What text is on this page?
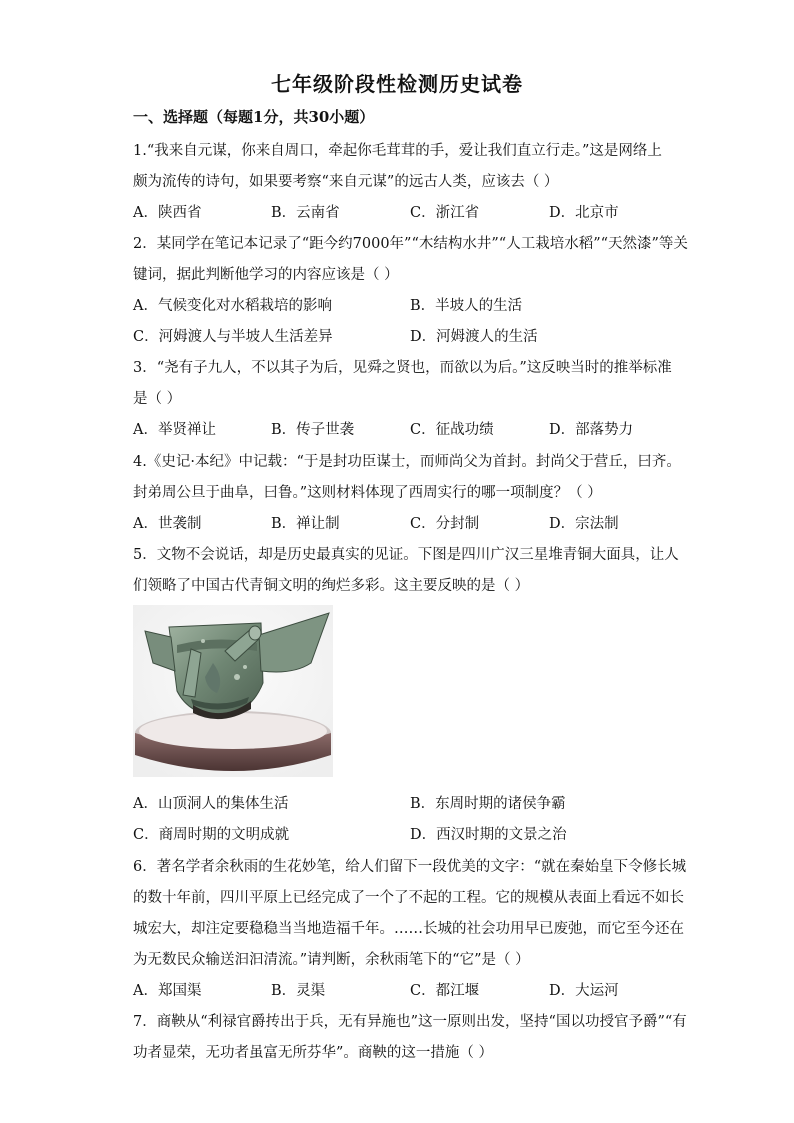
七年级阶段性检测历史试卷
一、选择题（每题1分，共30小题）
1.“我来自元谋，你来自周口，牵起你毛茸茸的手，爱让我们直立行走。”这是网络上
颇为流传的诗句，如果要考察“来自元谋”的远古人类，应该去（ ）
A．陕西省	B．云南省	C．浙江省	D．北京市
2．某同学在笔记本记录了“距今约7000年”“木结构水井”“人工栽培水稻”“天然漆”等关
键词，据此判断他学习的内容应该是（ ）
A．气候变化对水稻栽培的影响	B．半坡人的生活
C．河姆渡人与半坡人生活差异	D．河姆渡人的生活
3．“尧有子九人，不以其子为后，见舜之贤也，而欲以为后。”这反映当时的推举标准
是（ ）
A．举贤禅让	B．传子世袭	C．征战功绩	D．部落势力
4.《史记·本纪》中记载：“于是封功臣谋士，而师尚父为首封。封尚父于营丘，曰齐。
封弟周公旦于曲阜，曰鲁。”这则材料体现了西周实行的哪一项制度？（ ）
A．世袭制	B．禅让制	C．分封制	D．宗法制
5．文物不会说话，却是历史最真实的见证。下图是四川广汉三星堆青铜大面具，让人
们领略了中国古代青铜文明的绚烂多彩。这主要反映的是（ ）
A．山顶洞人的集体生活	B．东周时期的诸侯争霸
C．商周时期的文明成就	D．西汉时期的文景之治
6．著名学者余秋雨的生花妙笔，给人们留下一段优美的文字：“就在秦始皇下令修长城
的数十年前，四川平原上已经完成了一个了不起的工程。它的规模从表面上看远不如长
城宏大，却注定要稳稳当当地造福千年。……长城的社会功用早已废弛，而它至今还在
为无数民众输送汩汩清流。”请判断，余秋雨笔下的“它”是（ ）
A．郑国渠	B．灵渠	C．都江堰	D．大运河
7．商鞅从“利禄官爵抟出于兵，无有异施也”这一原则出发，坚持“国以功授官予爵”“有
功者显荣，无功者虽富无所芬华”。商鞅的这一措施（ ）
